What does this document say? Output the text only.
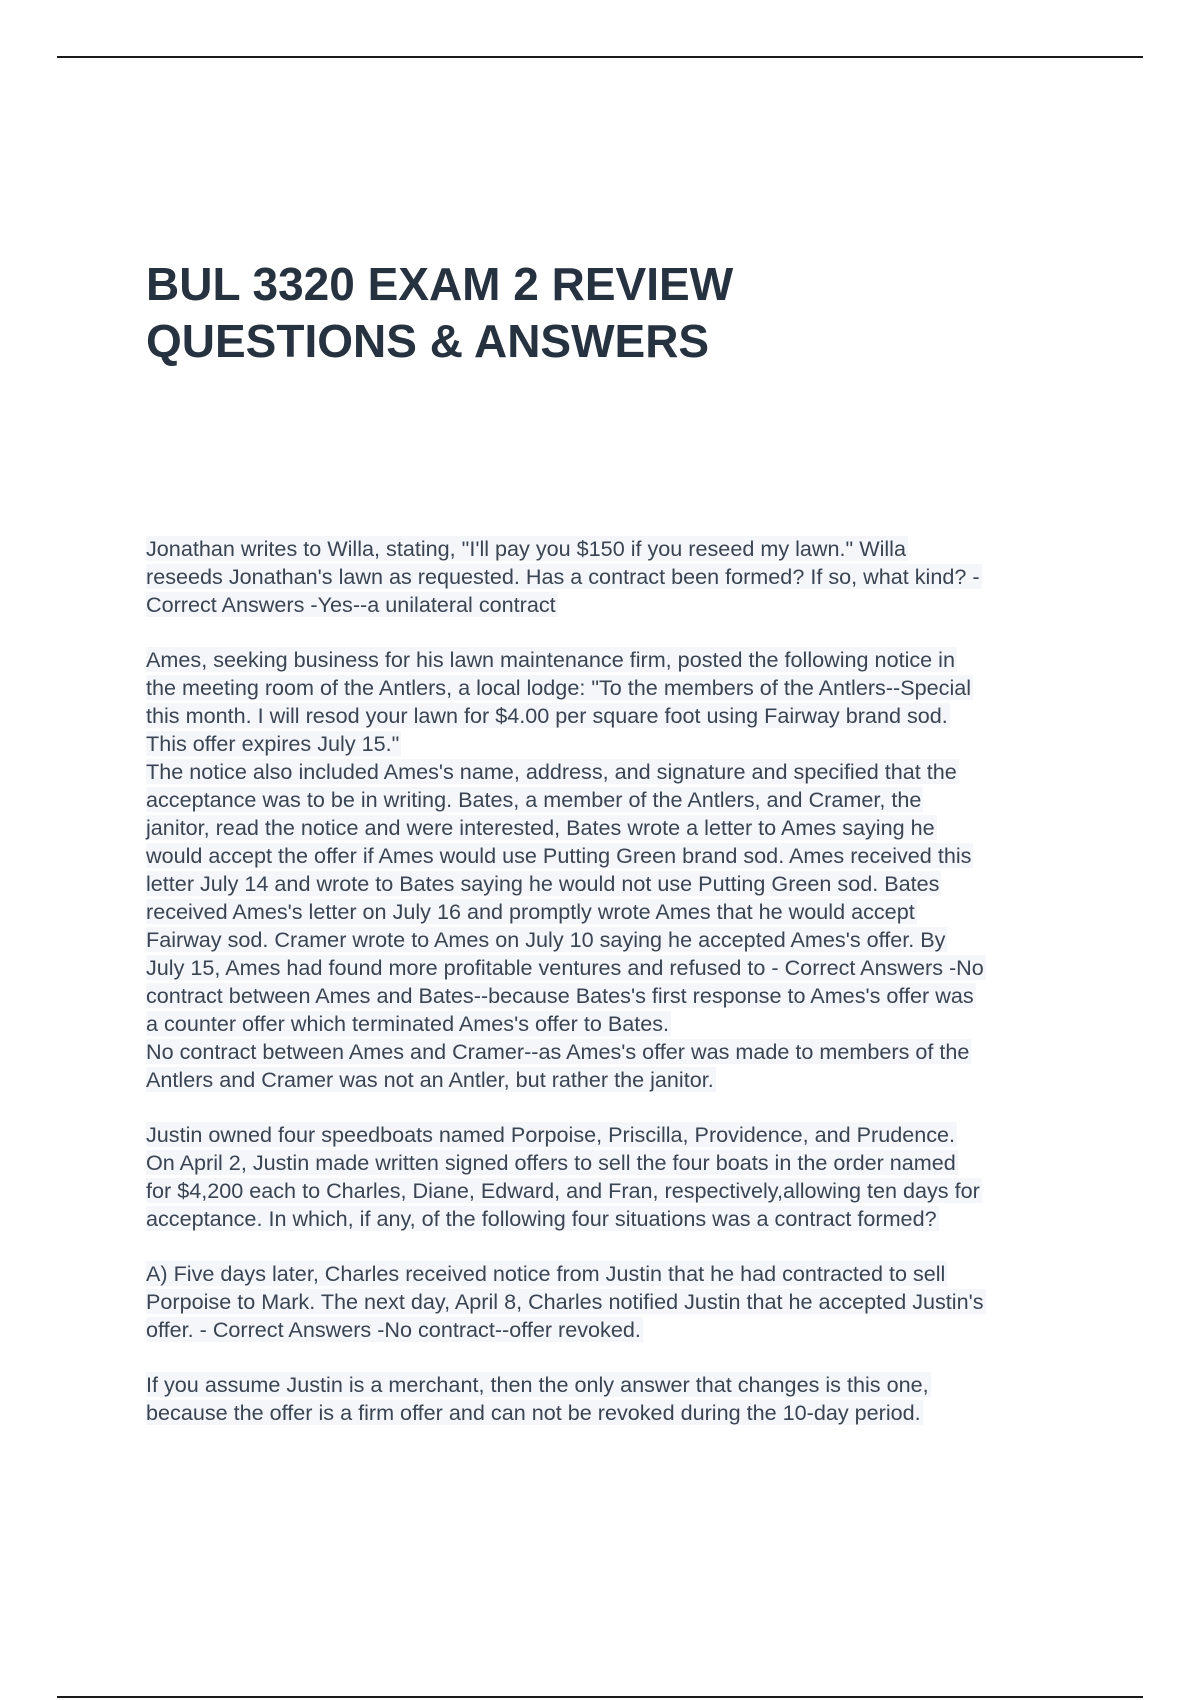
BUL 3320 EXAM 2 REVIEW
QUESTIONS & ANSWERS
Jonathan writes to Willa, stating, "I'll pay you $150 if you reseed my lawn." Willa
reseeds Jonathan's lawn as requested. Has a contract been formed? If so, what kind? -
Correct Answers -Yes--a unilateral contract
Ames, seeking business for his lawn maintenance firm, posted the following notice in
the meeting room of the Antlers, a local lodge: "To the members of the Antlers--Special
this month. I will resod your lawn for $4.00 per square foot using Fairway brand sod.
This offer expires July 15."
The notice also included Ames's name, address, and signature and specified that the
acceptance was to be in writing. Bates, a member of the Antlers, and Cramer, the
janitor, read the notice and were interested, Bates wrote a letter to Ames saying he
would accept the offer if Ames would use Putting Green brand sod. Ames received this
letter July 14 and wrote to Bates saying he would not use Putting Green sod. Bates
received Ames's letter on July 16 and promptly wrote Ames that he would accept
Fairway sod. Cramer wrote to Ames on July 10 saying he accepted Ames's offer. By
July 15, Ames had found more profitable ventures and refused to - Correct Answers -No
contract between Ames and Bates--because Bates's first response to Ames's offer was
a counter offer which terminated Ames's offer to Bates.
No contract between Ames and Cramer--as Ames's offer was made to members of the
Antlers and Cramer was not an Antler, but rather the janitor.
Justin owned four speedboats named Porpoise, Priscilla, Providence, and Prudence.
On April 2, Justin made written signed offers to sell the four boats in the order named
for $4,200 each to Charles, Diane, Edward, and Fran, respectively,allowing ten days for
acceptance. In which, if any, of the following four situations was a contract formed?
A) Five days later, Charles received notice from Justin that he had contracted to sell
Porpoise to Mark. The next day, April 8, Charles notified Justin that he accepted Justin's
offer. - Correct Answers -No contract--offer revoked.
If you assume Justin is a merchant, then the only answer that changes is this one,
because the offer is a firm offer and can not be revoked during the 10-day period.
